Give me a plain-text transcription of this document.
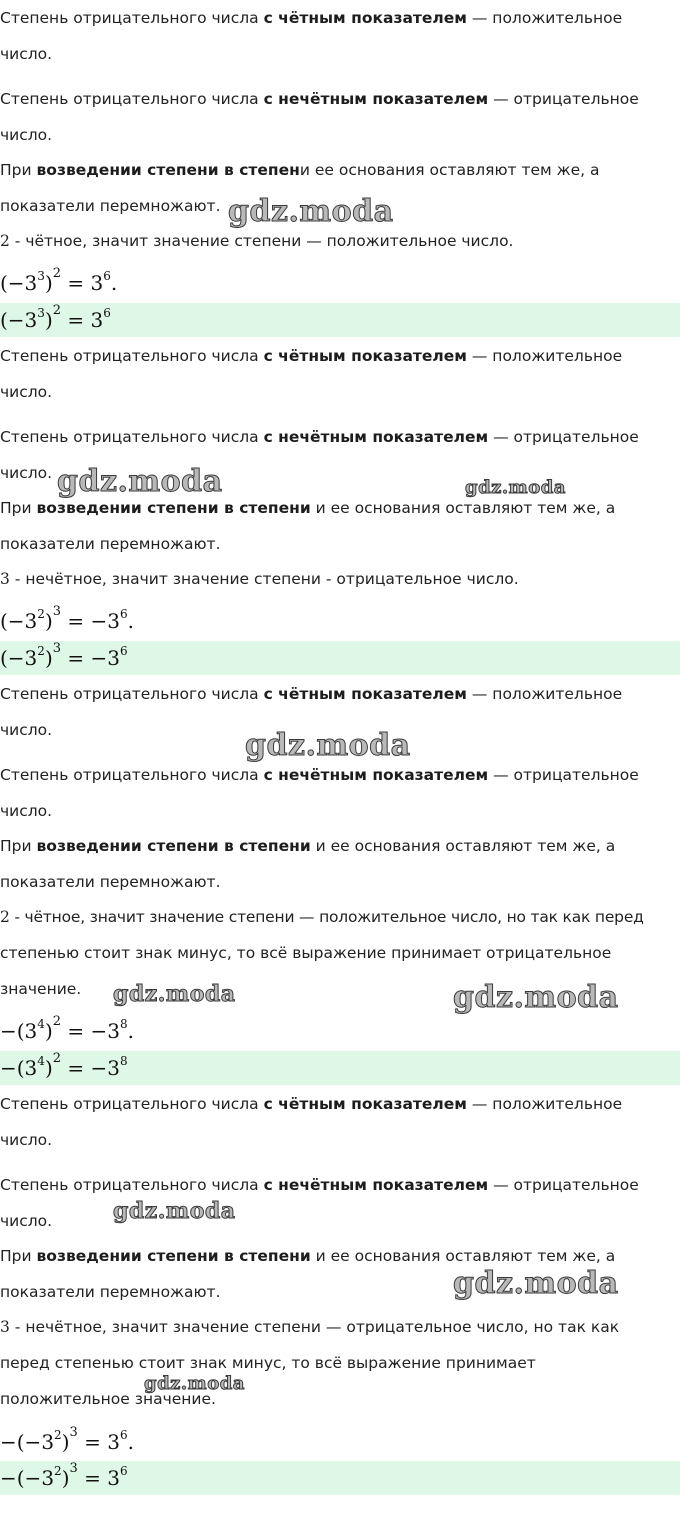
Степень отрицательного числа с чётным показателем — положительное
число.
Степень отрицательного числа с нечётным показателем — отрицательное
число.
При возведении степени в степени ее основания оставляют тем же, а
показатели перемножают.
2 - чётное, значит значение степени — положительное число.
$(-3^3)^2 = 3^6$.
$(-3^3)^2 = 3^6$
Степень отрицательного числа с чётным показателем — положительное
число.
Степень отрицательного числа с нечётным показателем — отрицательное
число.
При возведении степени в степени и ее основания оставляют тем же, а
показатели перемножают.
3 - нечётное, значит значение степени - отрицательное число.
$(-3^2)^3 = -3^6$.
$(-3^2)^3 = -3^6$
Степень отрицательного числа с чётным показателем — положительное
число.
Степень отрицательного числа с нечётным показателем — отрицательное
число.
При возведении степени в степени и ее основания оставляют тем же, а
показатели перемножают.
2 - чётное, значит значение степени — положительное число, но так как перед
степенью стоит знак минус, то всё выражение принимает отрицательное
значение.
$-(3^4)^2 = -3^8$.
$-(3^4)^2 = -3^8$
Степень отрицательного числа с чётным показателем — положительное
число.
Степень отрицательного числа с нечётным показателем — отрицательное
число.
При возведении степени в степени и ее основания оставляют тем же, а
показатели перемножают.
3 - нечётное, значит значение степени — отрицательное число, но так как
перед степенью стоит знак минус, то всё выражение принимает
положительное значение.
$-(-3^2)^3 = 3^6$.
$-(-3^2)^3 = 3^6$
gdz.moda
gdz.moda	gdz.moda
gdz.moda
gdz.moda	gdz.moda
gdz.moda
gdz.moda
gdz.moda
